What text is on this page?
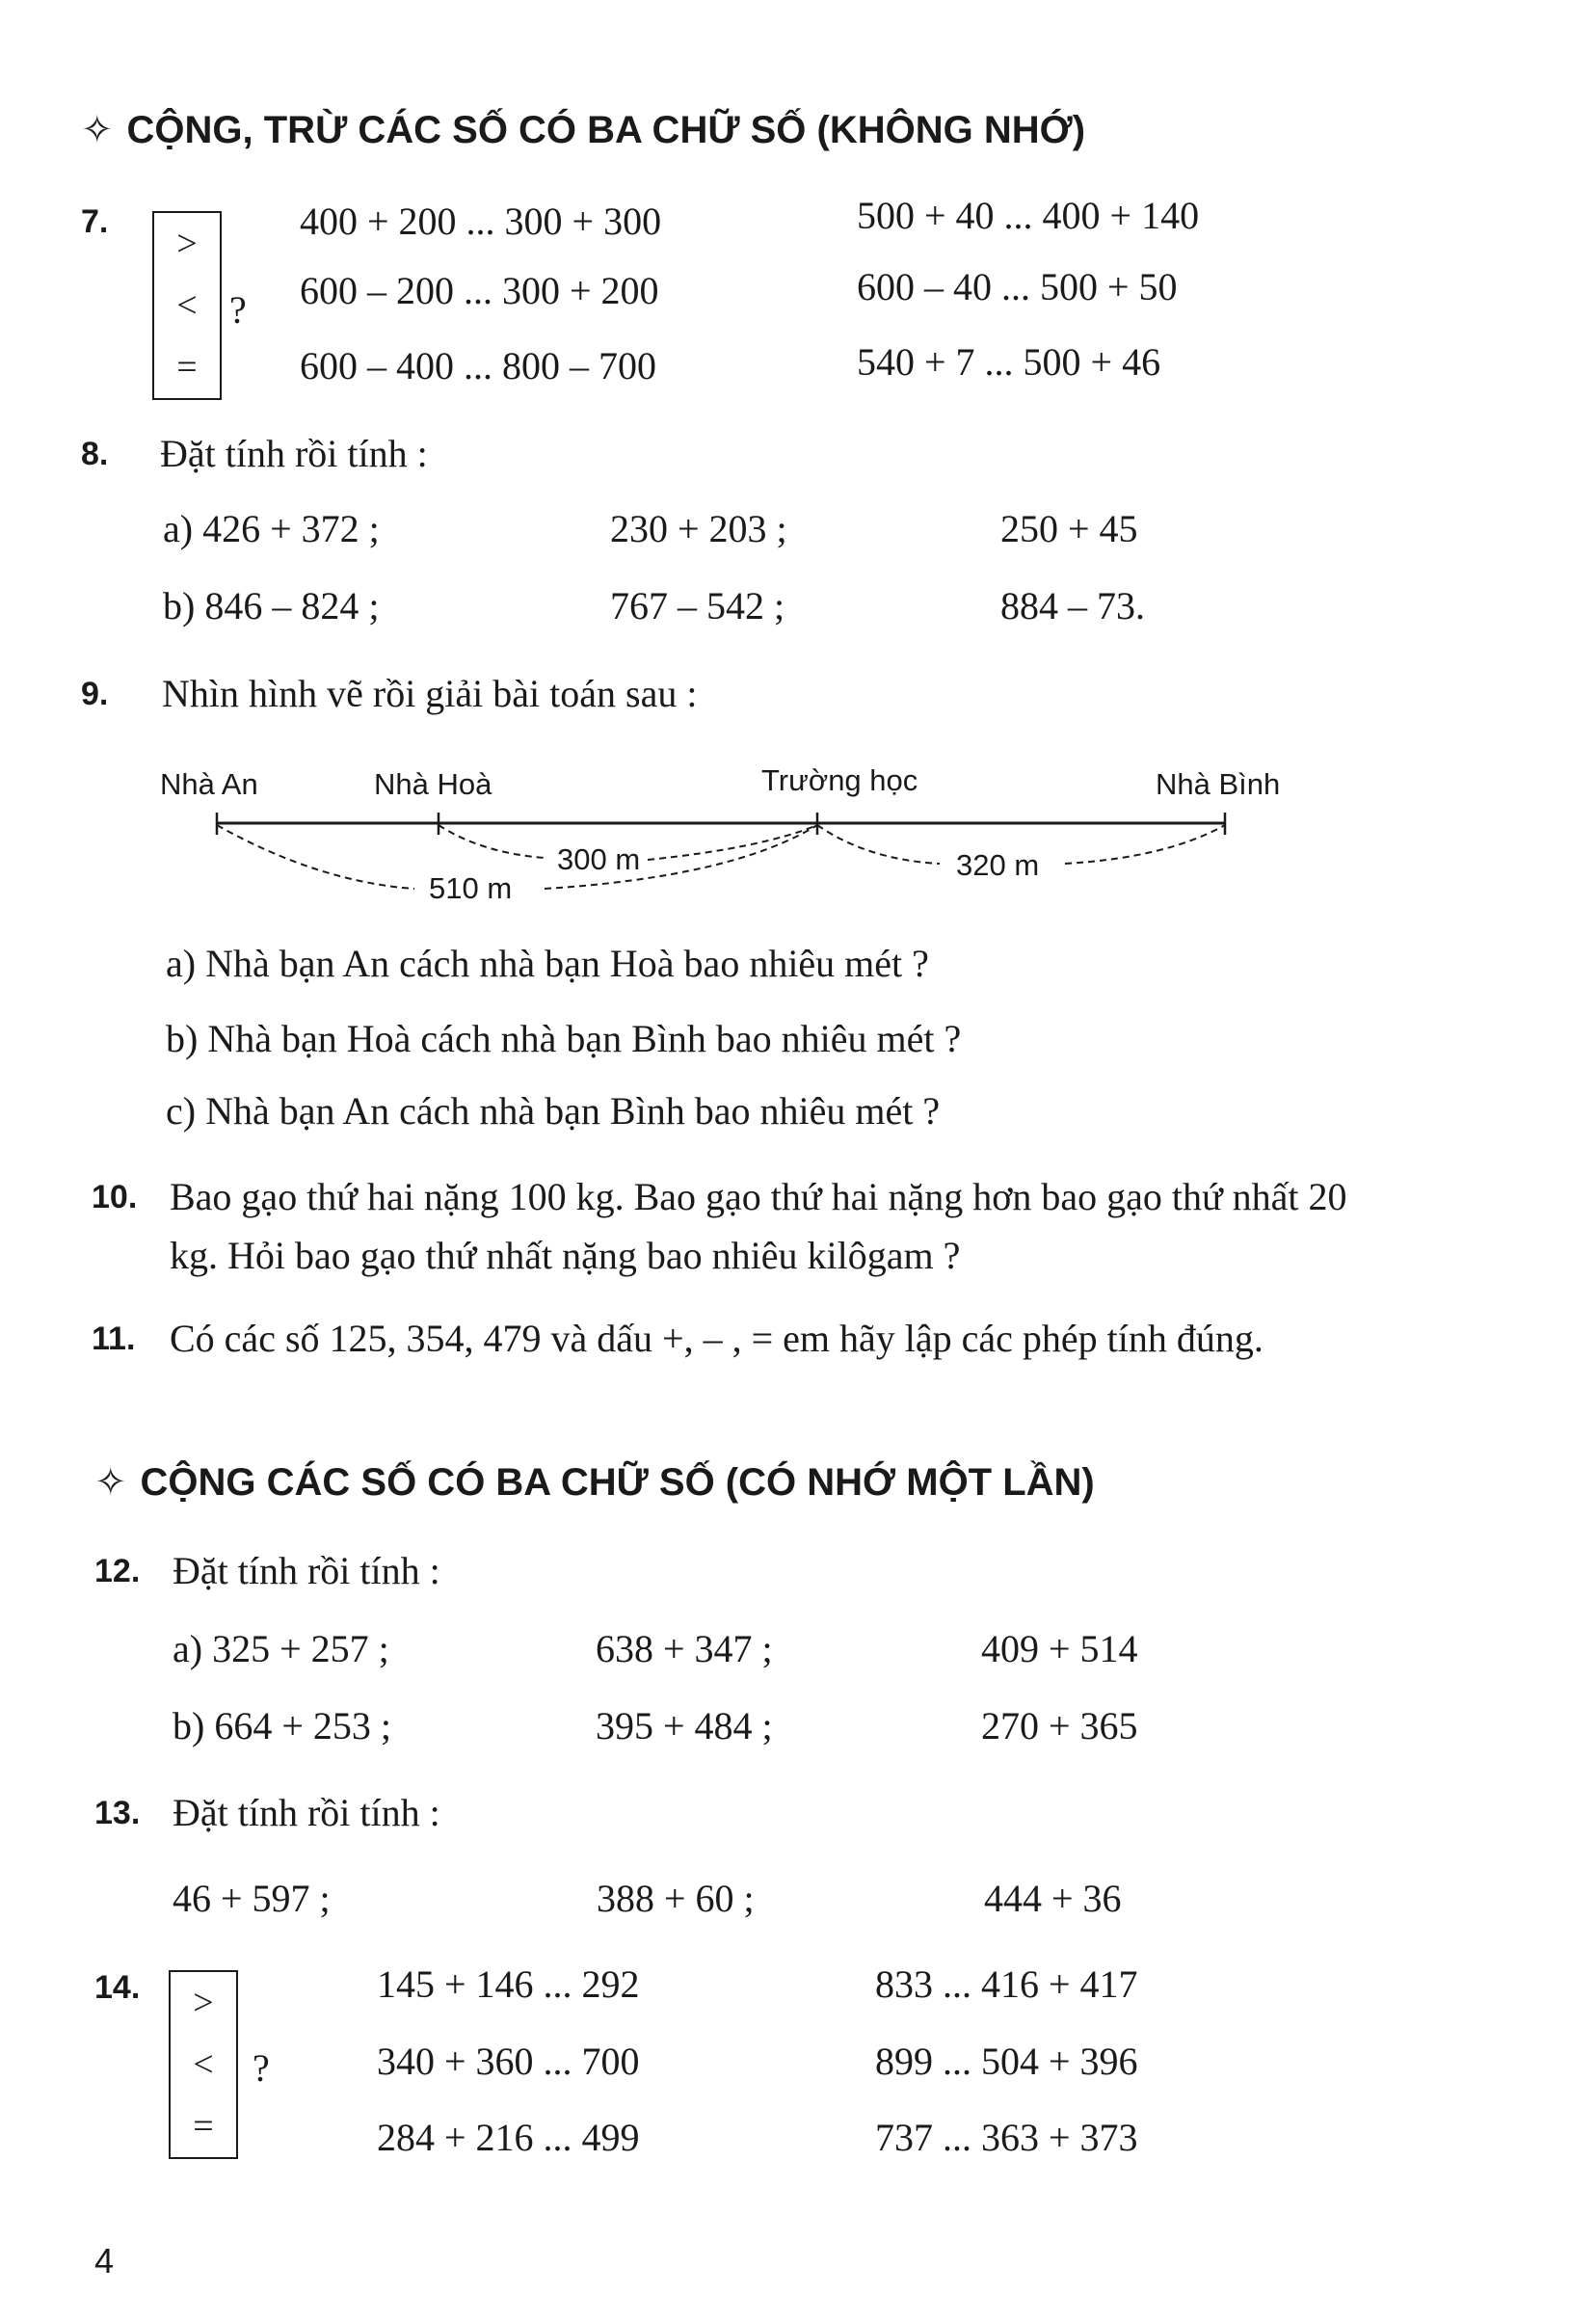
✧ CỘNG, TRỪ CÁC SỐ CÓ BA CHỮ SỐ (KHÔNG NHỚ)
7.
>
<
=
?
400 + 200 ... 300 + 300	500 + 40 ... 400 + 140
600 – 200 ... 300 + 200	600 – 40 ... 500 + 50
600 – 400 ... 800 – 700	540 + 7 ... 500 + 46
8. Đặt tính rồi tính :
a) 426 + 372 ;	230 + 203 ;	250 + 45
b) 846 – 824 ;	767 – 542 ;	884 – 73.
9. Nhìn hình vẽ rồi giải bài toán sau :
Nhà An	Nhà Hoà	Trường học	Nhà Bình
300 m
510 m
320 m
a) Nhà bạn An cách nhà bạn Hoà bao nhiêu mét ?
b) Nhà bạn Hoà cách nhà bạn Bình bao nhiêu mét ?
c) Nhà bạn An cách nhà bạn Bình bao nhiêu mét ?
10. Bao gạo thứ hai nặng 100 kg. Bao gạo thứ hai nặng hơn bao gạo thứ nhất 20
kg. Hỏi bao gạo thứ nhất nặng bao nhiêu kilôgam ?
11. Có các số 125, 354, 479 và dấu +, – , = em hãy lập các phép tính đúng.
✧ CỘNG CÁC SỐ CÓ BA CHỮ SỐ (CÓ NHỚ MỘT LẦN)
12. Đặt tính rồi tính :
a) 325 + 257 ;	638 + 347 ;	409 + 514
b) 664 + 253 ;	395 + 484 ;	270 + 365
13. Đặt tính rồi tính :
46 + 597 ;	388 + 60 ;	444 + 36
14. >
<
=
?
145 + 146 ... 292	833 ... 416 + 417
340 + 360 ... 700	899 ... 504 + 396
284 + 216 ... 499	737 ... 363 + 373
4
